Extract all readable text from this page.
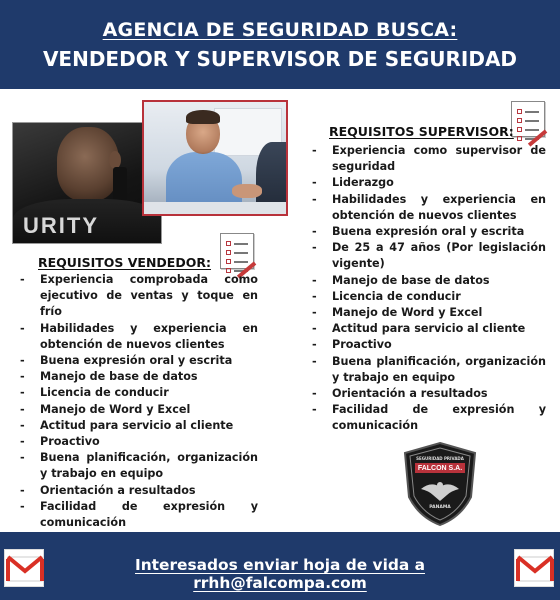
AGENCIA DE SEGURIDAD BUSCA:
VENDEDOR Y SUPERVISOR DE SEGURIDAD
URITY
REQUISITOS VENDEDOR:
- Experiencia comprobada como ejecutivo de ventas y toque en frío
- Habilidades y experiencia en obtención de nuevos clientes
- Buena expresión oral y escrita
- Manejo de base de datos
- Licencia de conducir
- Manejo de Word y Excel
- Actitud para servicio al cliente
- Proactivo
- Buena planificación, organización y trabajo en equipo
- Orientación a resultados
- Facilidad de expresión y comunicación
REQUISITOS SUPERVISOR:
- Experiencia como supervisor de seguridad
- Liderazgo
- Habilidades y experiencia en obtención de nuevos clientes
- Buena expresión oral y escrita
- De 25 a 47 años (Por legislación vigente)
- Manejo de base de datos
- Licencia de conducir
- Manejo de Word y Excel
- Actitud para servicio al cliente
- Proactivo
- Buena planificación, organización y trabajo en equipo
- Orientación a resultados
- Facilidad de expresión y comunicación
SEGURIDAD PRIVADA
FALCON S.A.
PANAMA
Interesados enviar hoja de vida a rrhh@falcompa.com
